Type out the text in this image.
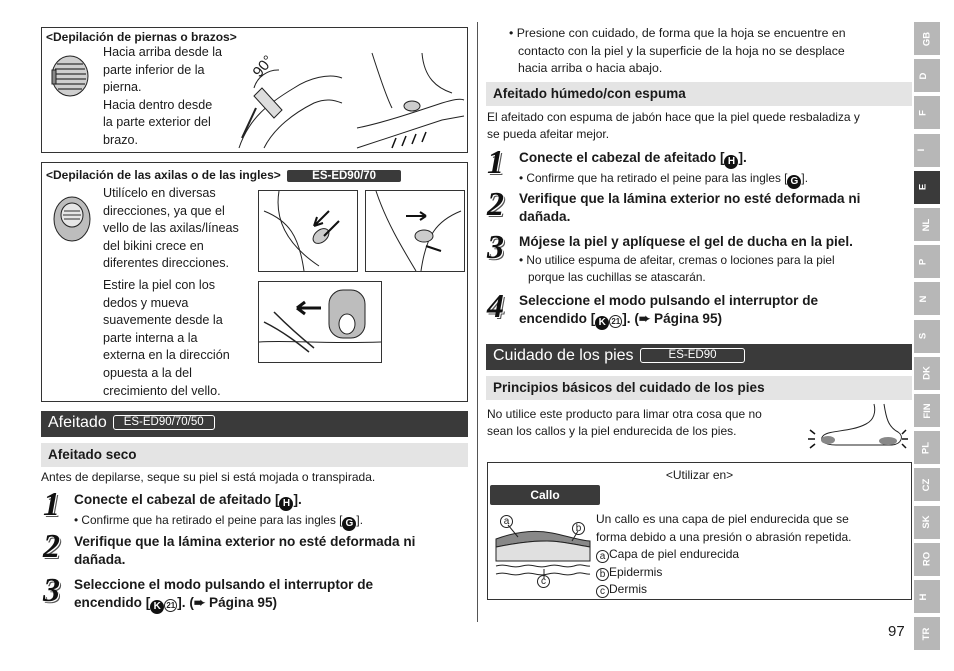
<Depilación de piernas o brazos>
Hacia arriba desde la
parte inferior de la
pierna.
Hacia dentro desde
la parte exterior del
brazo.
90°
<Depilación de las axilas o de las ingles>	ES-ED90/70
Utilícelo en diversas
direcciones, ya que el
vello de las axilas/líneas
del bikini crece en
diferentes direcciones.
Estire la piel con los
dedos y mueva
suavemente desde la
parte interna a la
externa en la dirección
opuesta a la del
crecimiento del vello.
Afeitado ES-ED90/70/50
Afeitado seco
Antes de depilarse, seque su piel si está mojada o transpirada.
1 Conecte el cabezal de afeitado [ H ].
• Confirme que ha retirado el peine para las ingles [ G ].
2 Verifique que la lámina exterior no esté deformada ni
dañada.
3 Seleccione el modo pulsando el interruptor de
encendido [ K 21 ]. (➨ Página 95)
• Presione con cuidado, de forma que la hoja se encuentre en
contacto con la piel y la superficie de la hoja no se desplace
hacia arriba o hacia abajo.
Afeitado húmedo/con espuma
El afeitado con espuma de jabón hace que la piel quede resbaladiza y
se pueda afeitar mejor.
1 Conecte el cabezal de afeitado [ H ].
• Confirme que ha retirado el peine para las ingles [ G ].
2 Verifique que la lámina exterior no esté deformada ni
dañada.
3 Mójese la piel y aplíquese el gel de ducha en la piel.
• No utilice espuma de afeitar, cremas o lociones para la piel
porque las cuchillas se atascarán.
4 Seleccione el modo pulsando el interruptor de
encendido [ K 21 ]. (➨ Página 95)
Cuidado de los pies	ES-ED90
Principios básicos del cuidado de los pies
No utilice este producto para limar otra cosa que no
sean los callos y la piel endurecida de los pies.
<Utilizar en>
Callo
a
b
c
Un callo es una capa de piel endurecida que se
forma debido a una presión o abrasión repetida.
a Capa de piel endurecida
b Epidermis
c Dermis
97
GB
D
F
I
E
NL
P
N
S
DK
FIN
PL
CZ
SK
RO
H
TR
